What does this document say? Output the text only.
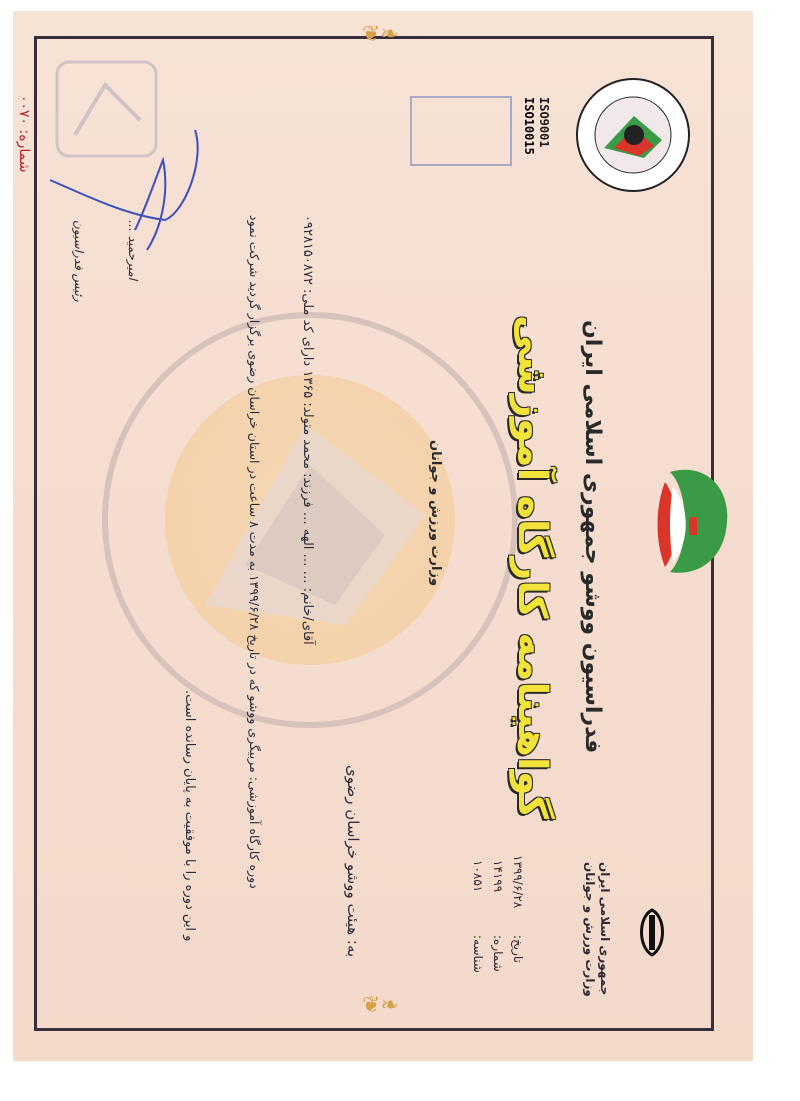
❦❧
❦❧
وزارت ورزش و جوانان	فدراسیون ووشو جمهوری اسلامی ایران
گواهینامه کارگاه آموزشی
جمهوری اسلامی ایران
وزارت ورزش و جوانان
تاریخ:
۱۳۹۹/۶/۲۸
شماره:
۱۴۱۹۹
شناسه:
۱۰۸۵۱
به: هیئت ووشو خراسان رضوی
آقای/خانم: … … الهه … فرزند: محمد متولد: ۱۳۶۵ دارای کد ملی: ۰۹۲۸۱۵۰۸۷۲
دوره کارگاه آموزشی: مربیگری ووشو که در تاریخ ۱۳۹۹/۶/۲۸ به مدت ۸ ساعت در استان خراسان رضوی برگزار گردید شرکت نمود
و این دوره را با موفقیت به پایان رسانده است.
ISO9001
ISO10015
شماره: ۰۰۷۰
امیرحمید …
رئیس فدراسیون
